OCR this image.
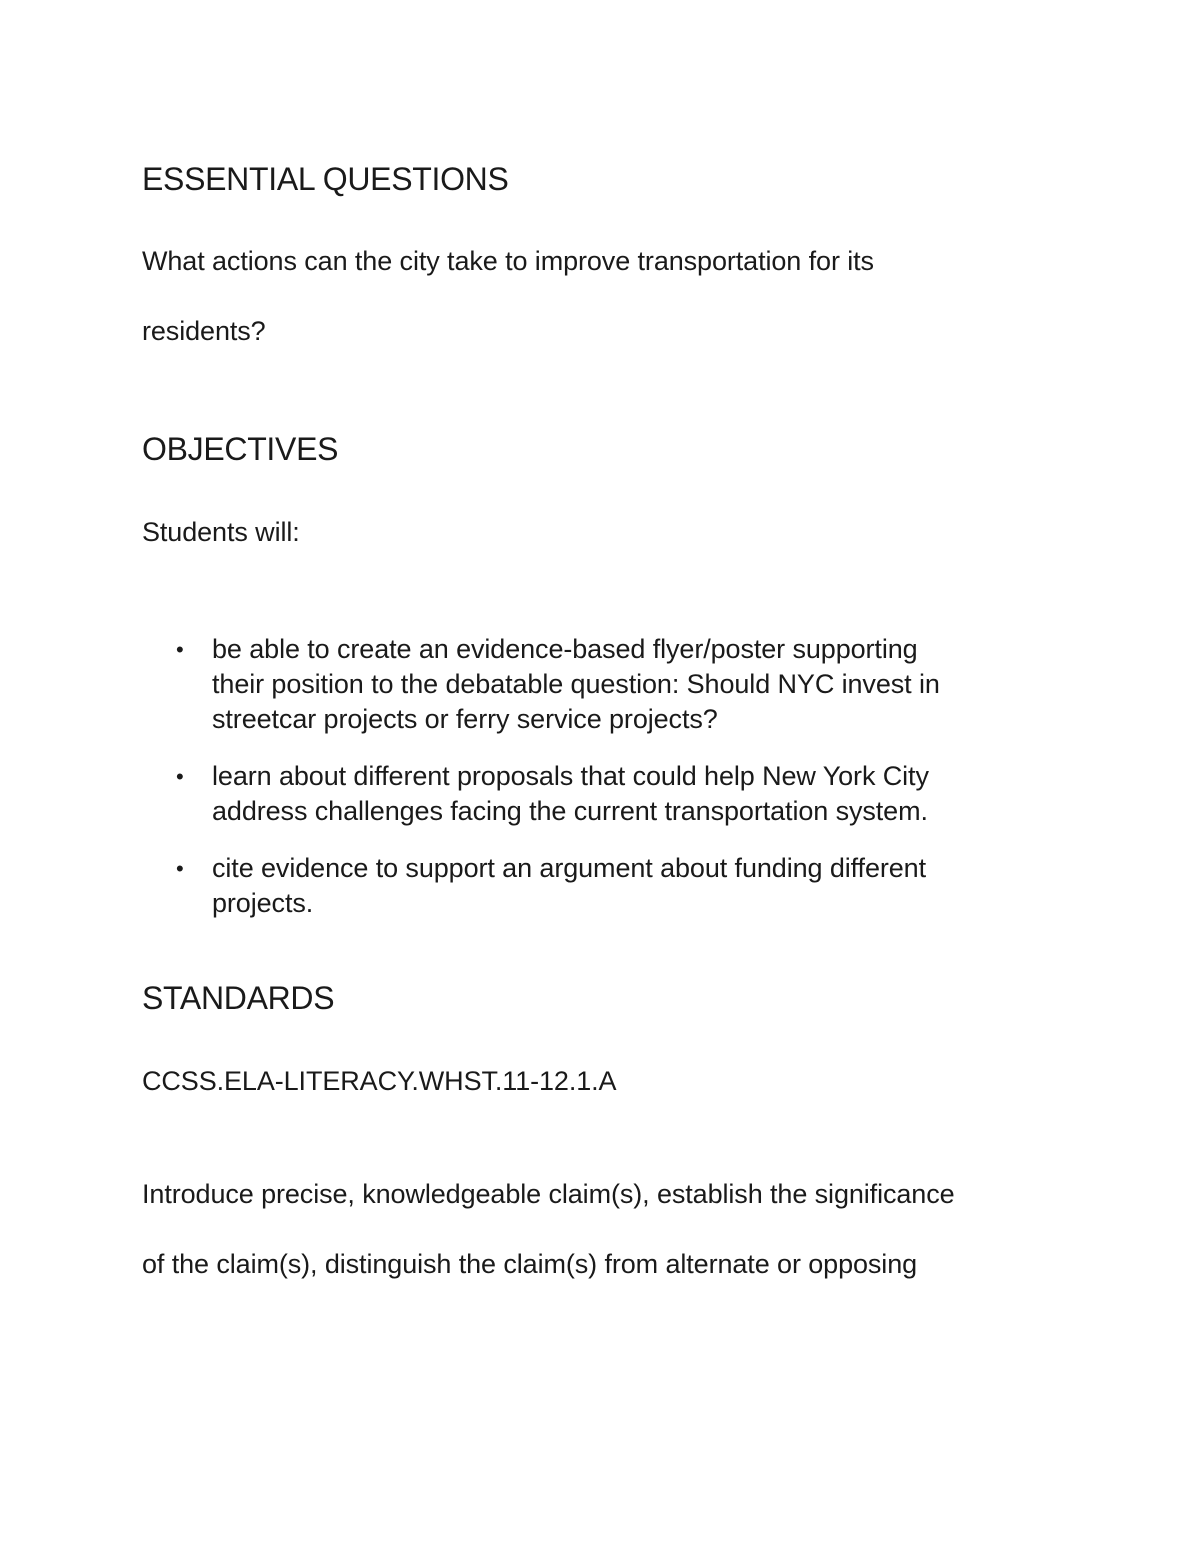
ESSENTIAL QUESTIONS

What actions can the city take to improve transportation for its

residents?

OBJECTIVES

Students will:

• be able to create an evidence-based flyer/poster supporting
their position to the debatable question: Should NYC invest in
streetcar projects or ferry service projects?
• learn about different proposals that could help New York City
address challenges facing the current transportation system.
• cite evidence to support an argument about funding different
projects.
STANDARDS

CCSS.ELA-LITERACY.WHST.11-12.1.A

Introduce precise, knowledgeable claim(s), establish the significance

of the claim(s), distinguish the claim(s) from alternate or opposing
